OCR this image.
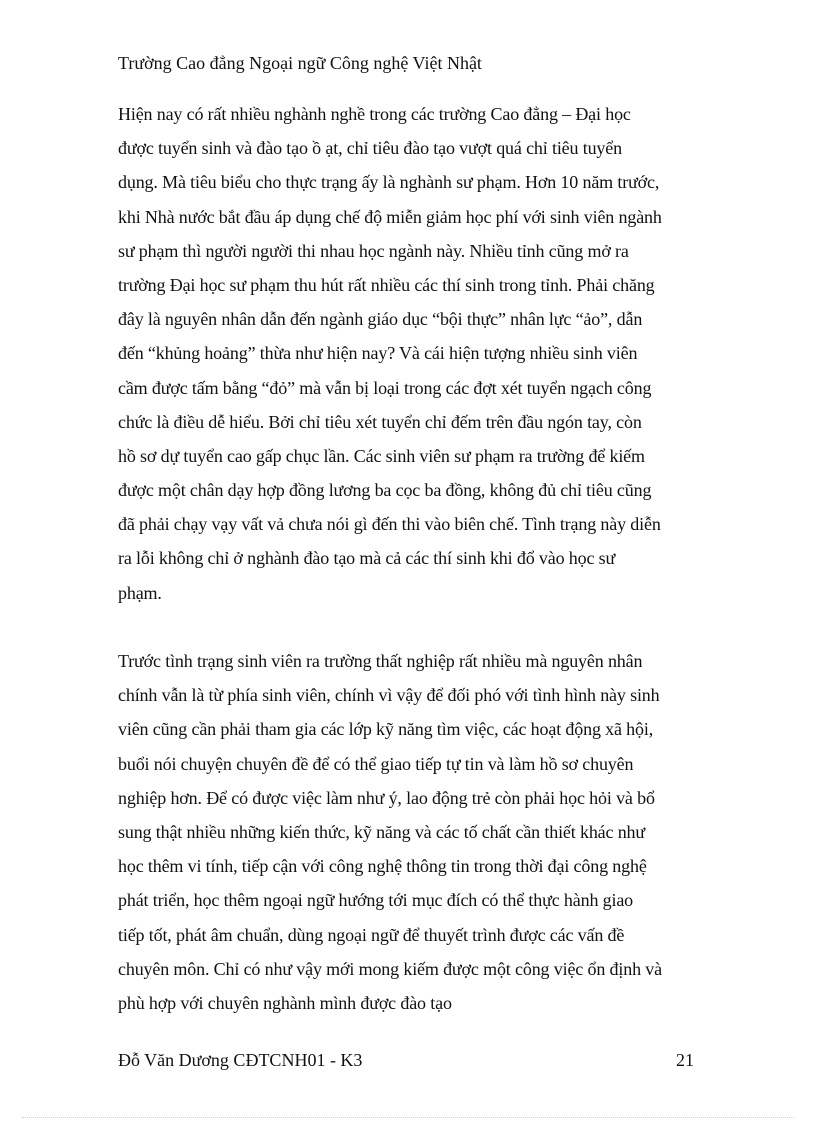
Trường Cao đẳng Ngoại ngữ Công nghệ Việt Nhật
Hiện nay có rất nhiều nghành nghề trong các trường Cao đẳng – Đại học
được tuyển sinh và đào tạo ồ ạt, chỉ tiêu đào tạo vượt quá chỉ tiêu tuyển
dụng. Mà tiêu biểu cho thực trạng ấy là nghành sư phạm. Hơn 10 năm trước,
khi Nhà nước bắt đầu áp dụng chế độ miễn giảm học phí với sinh viên ngành
sư phạm thì người người thi nhau học ngành này. Nhiều tỉnh cũng mở ra
trường Đại học sư phạm thu hút rất nhiều các thí sinh trong tỉnh. Phải chăng
đây là nguyên nhân dẫn đến ngành giáo dục “bội thực” nhân lực “ảo”, dẫn
đến “khủng hoảng” thừa như hiện nay? Và cái hiện tượng nhiều sinh viên
cầm được tấm bằng “đỏ” mà vẫn bị loại trong các đợt xét tuyển ngạch công
chức là điều dễ hiểu. Bởi chỉ tiêu xét tuyển chỉ đếm trên đầu ngón tay, còn
hồ sơ dự tuyển cao gấp chục lần. Các sinh viên sư phạm ra trường để kiếm
được một chân dạy hợp đồng lương ba cọc ba đồng, không đủ chỉ tiêu cũng
đã phải chạy vạy vất vả chưa nói gì đến thi vào biên chế. Tình trạng này diễn
ra lỗi không chỉ ở nghành đào tạo mà cả các thí sinh khi đổ vào học sư
phạm.
Trước tình trạng sinh viên ra trường thất nghiệp rất nhiều mà nguyên nhân
chính vẫn là từ phía sinh viên, chính vì vậy để đối phó với tình hình này sinh
viên cũng cần phải tham gia các lớp kỹ năng tìm việc, các hoạt động xã hội,
buổi nói chuyện chuyên đề để có thể giao tiếp tự tin và làm hồ sơ chuyên
nghiệp hơn. Để có được việc làm như ý, lao động trẻ còn phải học hỏi và bổ
sung thật nhiều những kiến thức, kỹ năng và các tố chất cần thiết khác như
học thêm vi tính, tiếp cận với công nghệ thông tin trong thời đại công nghệ
phát triển, học thêm ngoại ngữ hướng tới mục đích có thể thực hành giao
tiếp tốt, phát âm chuẩn, dùng ngoại ngữ để thuyết trình được các vấn đề
chuyên môn. Chỉ có như vậy mới mong kiếm được một công việc ổn định và
phù hợp với chuyên nghành mình được đào tạo
Đỗ Văn Dương CĐTCNH01 - K3	21
